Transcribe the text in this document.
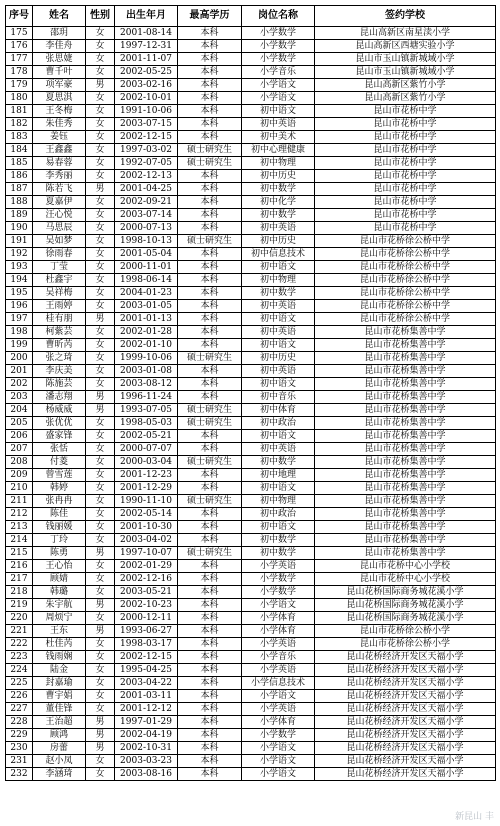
序号	姓名	性别	出生年月	最高学历	岗位名称	签约学校
175	邵玥	女	2001-08-14	本科	小学数学	昆山高新区南星渎小学
176	李佳舟	女	1997-12-31	本科	小学数学	昆山高新区西塘实验小学
177	张思婕	女	2001-11-07	本科	小学数学	昆山市玉山镇新城域小学
178	曹千叶	女	2002-05-25	本科	小学音乐	昆山市玉山镇新城域小学
179	项军豪	男	2003-02-16	本科	小学语文	昆山高新区紫竹小学
180	夏思淇	女	2002-10-01	本科	小学语文	昆山高新区紫竹小学
181	王冬梅	女	1991-10-06	本科	初中语文	昆山市花桥中学
182	朱佳秀	女	2003-07-15	本科	初中英语	昆山市花桥中学
183	姜钰	女	2002-12-15	本科	初中美术	昆山市花桥中学
184	王鑫鑫	女	1997-03-02	硕士研究生	初中心理健康	昆山市花桥中学
185	易春蓉	女	1992-07-05	硕士研究生	初中物理	昆山市花桥中学
186	李秀丽	女	2002-12-13	本科	初中历史	昆山市花桥中学
187	陈若飞	男	2001-04-25	本科	初中数学	昆山市花桥中学
188	夏嘉伊	女	2002-09-21	本科	初中化学	昆山市花桥中学
189	汪心悦	女	2003-07-14	本科	初中数学	昆山市花桥中学
190	马思辰	女	2000-07-13	本科	初中英语	昆山市花桥中学
191	吴如梦	女	1998-10-13	硕士研究生	初中历史	昆山市花桥徐公桥中学
192	徐雨春	女	2001-05-04	本科	初中信息技术	昆山市花桥徐公桥中学
193	丁莹	女	2000-11-01	本科	初中语文	昆山市花桥徐公桥中学
194	杜鑫宇	女	1998-06-14	本科	初中物理	昆山市花桥徐公桥中学
195	吴祥梅	女	2004-01-23	本科	初中数学	昆山市花桥徐公桥中学
196	王雨婷	女	2003-01-05	本科	初中英语	昆山市花桥徐公桥中学
197	桂有朋	男	2001-01-13	本科	初中语文	昆山市花桥徐公桥中学
198	柯紫芸	女	2002-01-28	本科	初中英语	昆山市花桥集善中学
199	曹昕芮	女	2002-01-10	本科	初中语文	昆山市花桥集善中学
200	张之琦	女	1999-10-06	硕士研究生	初中历史	昆山市花桥集善中学
201	李庆美	女	2003-01-08	本科	初中英语	昆山市花桥集善中学
202	陈施芸	女	2003-08-12	本科	初中语文	昆山市花桥集善中学
203	潘志翔	男	1996-11-24	本科	初中音乐	昆山市花桥集善中学
204	杨威威	男	1993-07-05	硕士研究生	初中体育	昆山市花桥集善中学
205	张优优	女	1998-05-03	硕士研究生	初中政治	昆山市花桥集善中学
206	盛家锋	女	2002-05-21	本科	初中语文	昆山市花桥集善中学
207	张恬	女	2000-07-07	本科	初中英语	昆山市花桥集善中学
208	付菱	女	2000-03-04	硕士研究生	初中数学	昆山市花桥集善中学
209	曾雪莲	女	2001-12-23	本科	初中地理	昆山市花桥集善中学
210	韩婷	女	2001-12-29	本科	初中语文	昆山市花桥集善中学
211	张冉冉	女	1990-11-10	硕士研究生	初中物理	昆山市花桥集善中学
212	陈佳	女	2002-05-14	本科	初中政治	昆山市花桥集善中学
213	钱丽媛	女	2001-10-30	本科	初中语文	昆山市花桥集善中学
214	丁玲	女	2003-04-02	本科	初中数学	昆山市花桥集善中学
215	陈勇	男	1997-10-07	硕士研究生	初中数学	昆山市花桥集善中学
216	王心怡	女	2002-01-29	本科	小学英语	昆山市花桥中心小学校
217	顾婧	女	2002-12-16	本科	小学数学	昆山市花桥中心小学校
218	韩璐	女	2003-05-21	本科	小学数学	昆山花桥国际商务城花溪小学
219	朱宇航	男	2002-10-23	本科	小学语文	昆山花桥国际商务城花溪小学
220	周烦宁	女	2000-12-11	本科	小学体育	昆山花桥国际商务城花溪小学
221	王东	男	1993-06-27	本科	小学体育	昆山市花桥徐公桥小学
222	杜佳芮	女	1998-03-17	本科	小学英语	昆山市花桥徐公桥小学
223	钱雨娴	女	2002-12-15	本科	小学音乐	昆山花桥经济开发区天福小学
224	陆金	女	1995-04-25	本科	小学英语	昆山花桥经济开发区天福小学
225	封嘉瑜	女	2003-04-22	本科	小学信息技术	昆山花桥经济开发区天福小学
226	曹宇娟	女	2001-03-11	本科	小学语文	昆山花桥经济开发区天福小学
227	董佳锋	女	2001-12-12	本科	小学英语	昆山花桥经济开发区天福小学
228	王治超	男	1997-01-29	本科	小学体育	昆山花桥经济开发区天福小学
229	顾鸿	男	2002-04-19	本科	小学数学	昆山花桥经济开发区天福小学
230	房蕾	男	2002-10-31	本科	小学语文	昆山花桥经济开发区天福小学
231	赵小凤	女	2003-03-23	本科	小学语文	昆山花桥经济开发区天福小学
232	李涵琦	女	2003-08-16	本科	小学语文	昆山花桥经济开发区天福小学
新昆山 丰
